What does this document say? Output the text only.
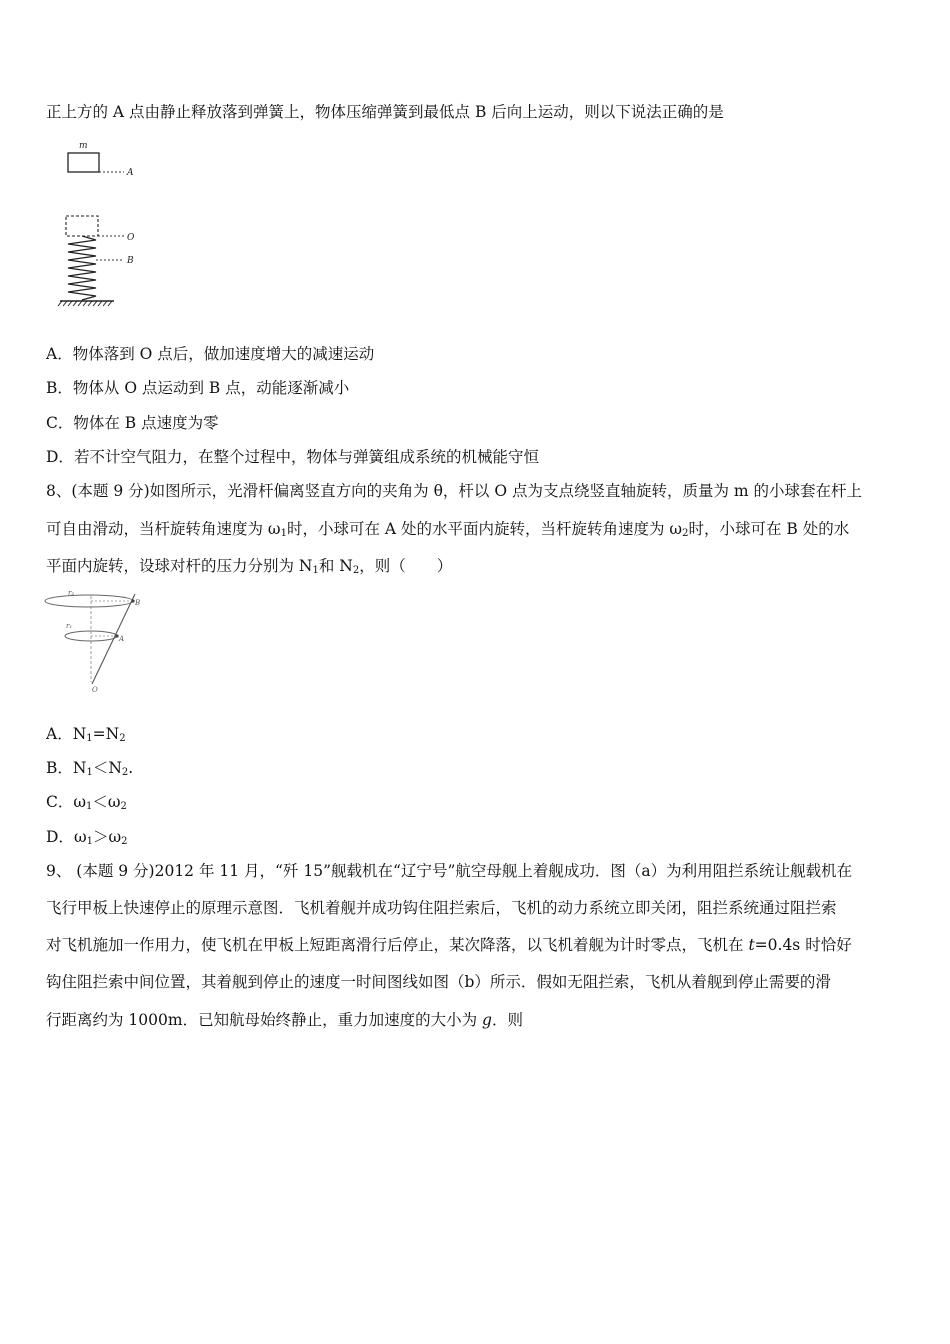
正上方的 A 点由静止释放落到弹簧上，物体压缩弹簧到最低点 B 后向上运动，则以下说法正确的是
m
A
O
B
A．物体落到 O 点后，做加速度增大的减速运动
B．物体从 O 点运动到 B 点，动能逐渐减小
C．物体在 B 点速度为零
D．若不计空气阻力，在整个过程中，物体与弹簧组成系统的机械能守恒
8、(本题 9 分)如图所示，光滑杆偏离竖直方向的夹角为 θ，杆以 O 点为支点绕竖直轴旋转，质量为 m 的小球套在杆上
可自由滑动，当杆旋转角速度为 $\omega_1$时，小球可在 A 处的水平面内旋转，当杆旋转角速度为 $\omega_2$时，小球可在 B 处的水
平面内旋转，设球对杆的压力分别为 $N_1$和 $N_2$，则（　　）
r₂
B
r₁
A
O
A．$N_1=N_2$
B．$N_1<N_2$.
C．$\omega_1<\omega_2$
D．$\omega_1>\omega_2$
9、 (本题 9 分)2012 年 11 月，“歼 15”舰载机在“辽宁号”航空母舰上着舰成功．图（a）为利用阻拦系统让舰载机在
飞行甲板上快速停止的原理示意图．飞机着舰并成功钩住阻拦索后，飞机的动力系统立即关闭，阻拦系统通过阻拦索
对飞机施加一作用力，使飞机在甲板上短距离滑行后停止，某次降落，以飞机着舰为计时零点，飞机在 t=0.4s 时恰好
钩住阻拦索中间位置，其着舰到停止的速度一时间图线如图（b）所示．假如无阻拦索，飞机从着舰到停止需要的滑
行距离约为 1000m．已知航母始终静止，重力加速度的大小为 g．则
